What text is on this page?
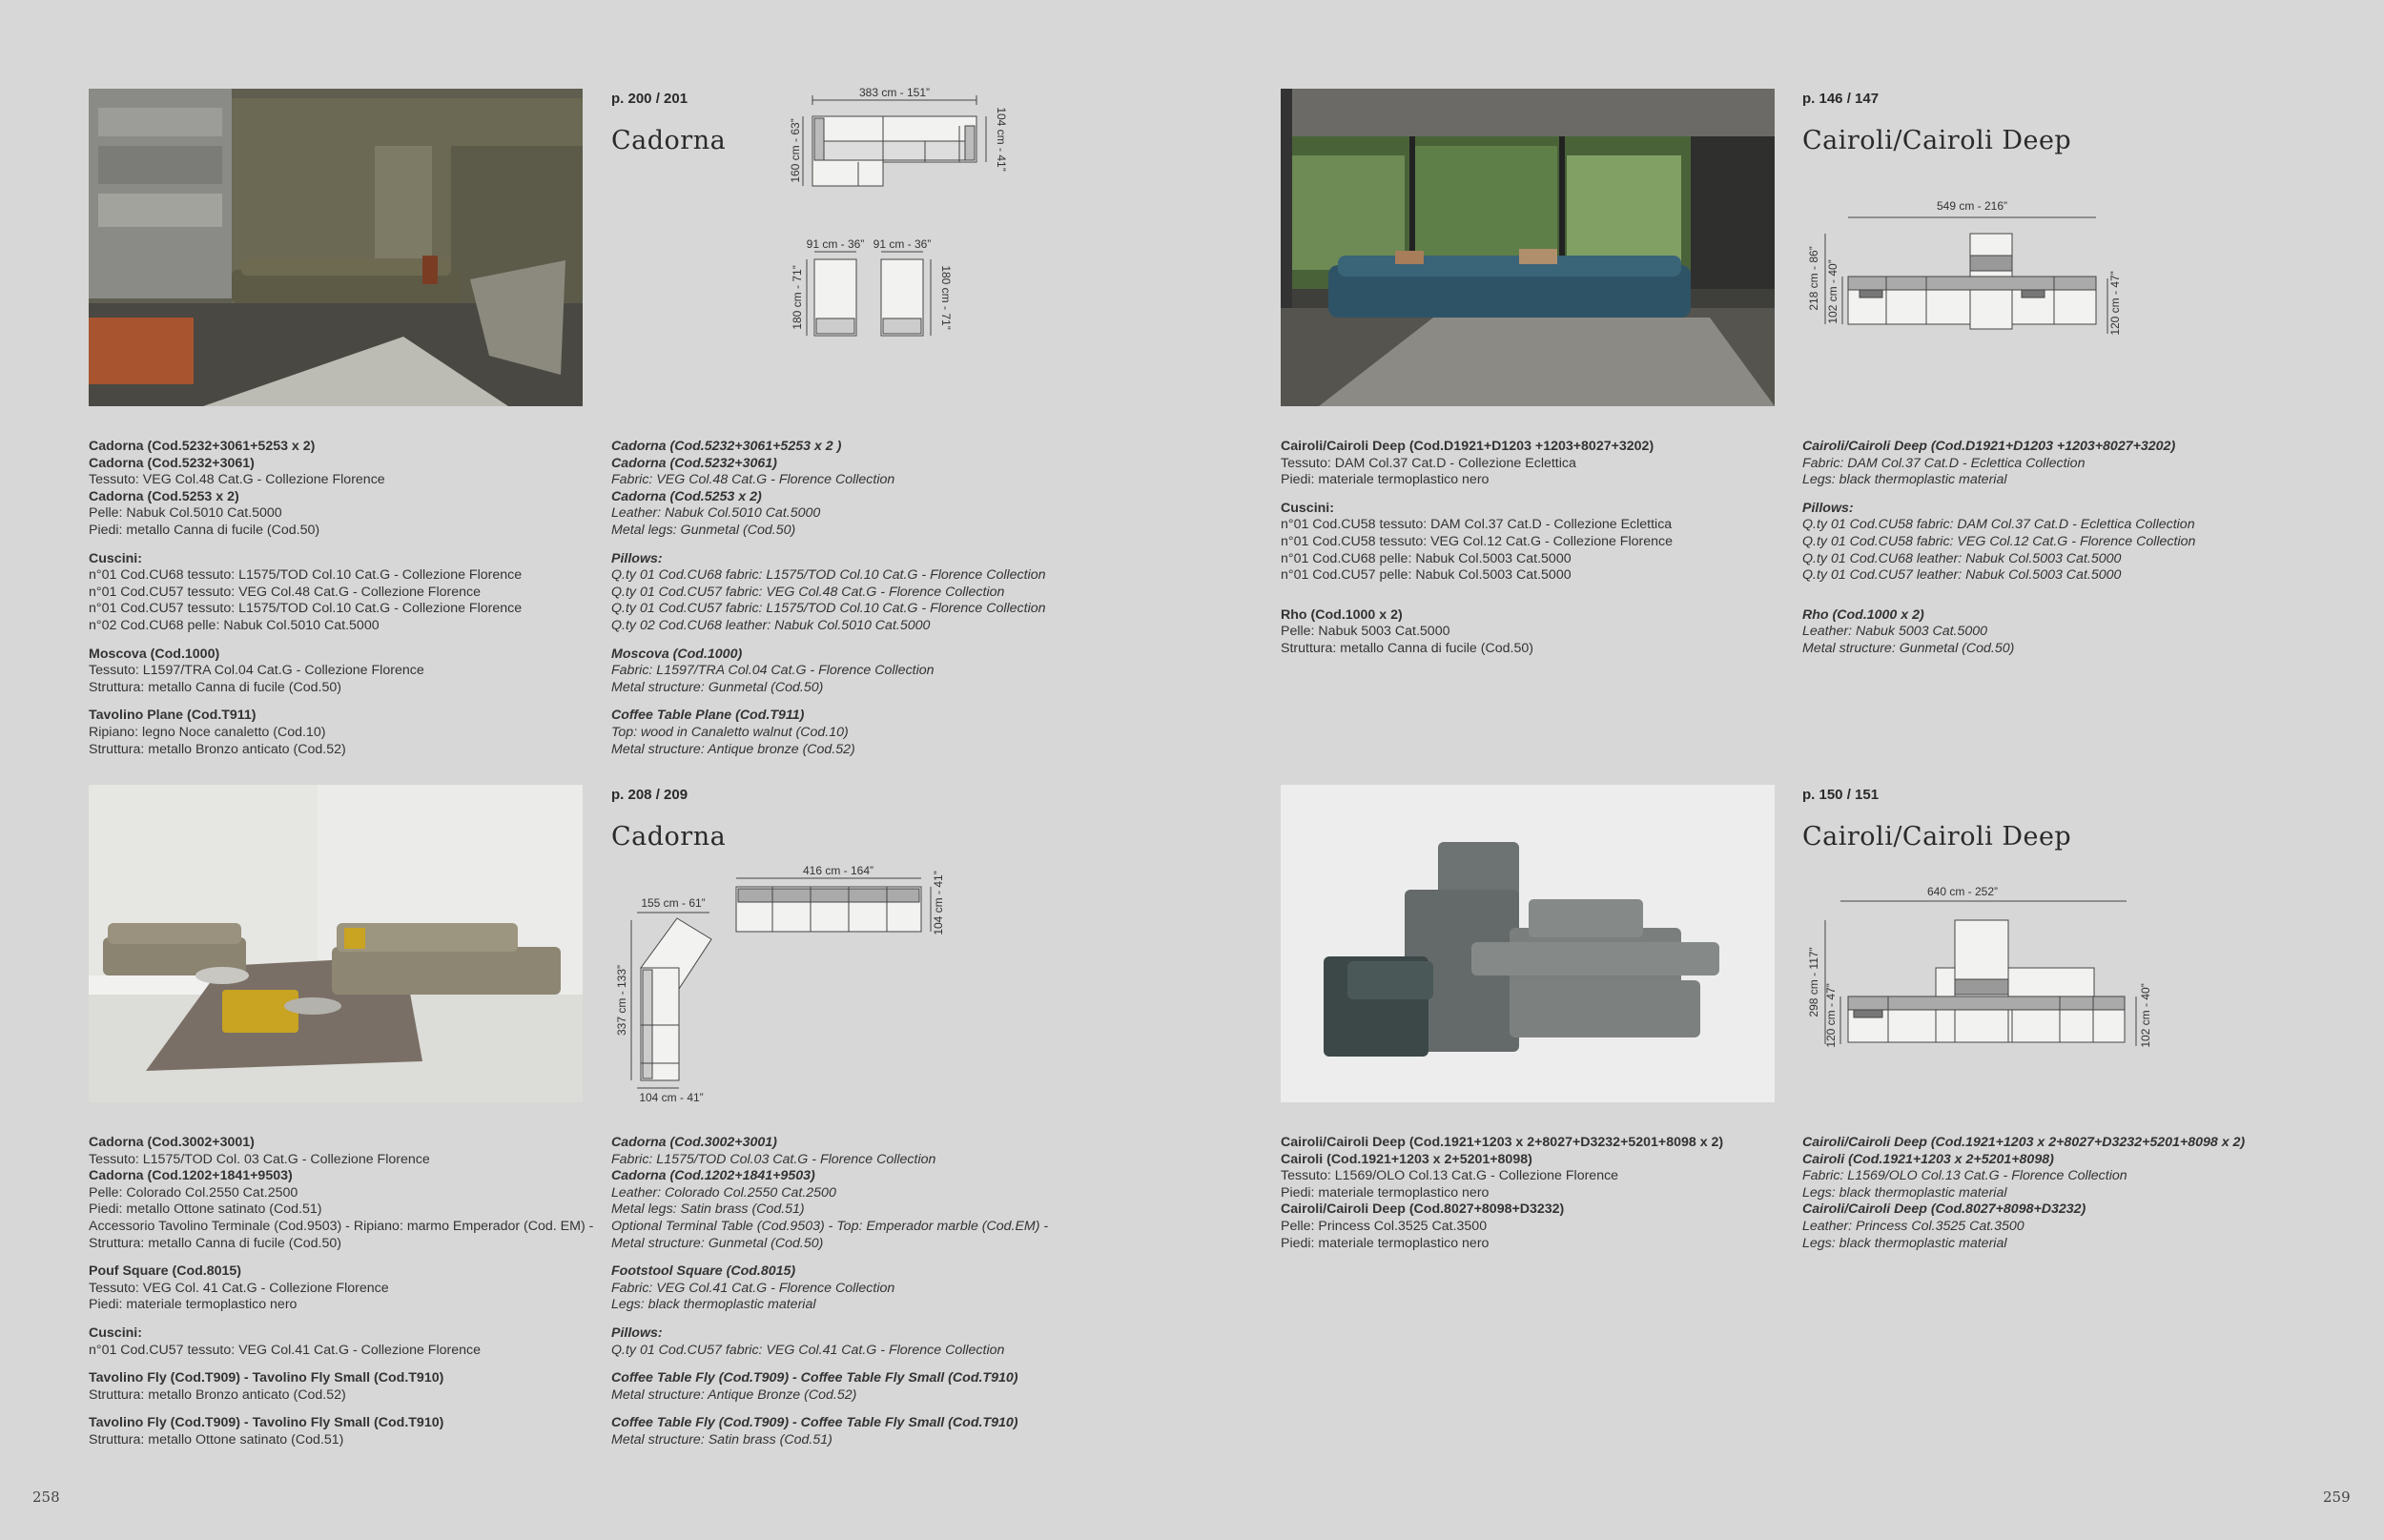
p. 200 / 201
Cadorna
383 cm - 151”
160 cm - 63”	104 cm - 41”
91 cm - 36” 91 cm - 36”
180 cm - 71”	180 cm - 71”
Cadorna (Cod.5232+3061+5253 x 2)
Cadorna (Cod.5232+3061)
Tessuto: VEG Col.48 Cat.G - Collezione Florence
Cadorna (Cod.5253 x 2)
Pelle: Nabuk Col.5010 Cat.5000
Piedi: metallo Canna di fucile (Cod.50)
Cuscini:
n°01 Cod.CU68 tessuto: L1575/TOD Col.10 Cat.G - Collezione Florence
n°01 Cod.CU57 tessuto: VEG Col.48 Cat.G - Collezione Florence
n°01 Cod.CU57 tessuto: L1575/TOD Col.10 Cat.G - Collezione Florence
n°02 Cod.CU68 pelle: Nabuk Col.5010 Cat.5000
Moscova (Cod.1000)
Tessuto: L1597/TRA Col.04 Cat.G - Collezione Florence
Struttura: metallo Canna di fucile (Cod.50)
Tavolino Plane (Cod.T911)
Ripiano: legno Noce canaletto (Cod.10)
Struttura: metallo Bronzo anticato (Cod.52)
Cadorna (Cod.5232+3061+5253 x 2 )
Cadorna (Cod.5232+3061)
Fabric: VEG Col.48 Cat.G - Florence Collection
Cadorna (Cod.5253 x 2)
Leather: Nabuk Col.5010 Cat.5000
Metal legs: Gunmetal (Cod.50)
Pillows:
Q.ty 01 Cod.CU68 fabric: L1575/TOD Col.10 Cat.G - Florence Collection
Q.ty 01 Cod.CU57 fabric: VEG Col.48 Cat.G - Florence Collection
Q.ty 01 Cod.CU57 fabric: L1575/TOD Col.10 Cat.G - Florence Collection
Q.ty 02 Cod.CU68 leather: Nabuk Col.5010 Cat.5000
Moscova (Cod.1000)
Fabric: L1597/TRA Col.04 Cat.G - Florence Collection
Metal structure: Gunmetal (Cod.50)
Coffee Table Plane (Cod.T911)
Top: wood in Canaletto walnut (Cod.10)
Metal structure: Antique bronze (Cod.52)
p. 146 / 147
Cairoli/Cairoli Deep
549 cm - 216”
218 cm - 86” 102 cm - 40”	120 cm - 47”
Cairoli/Cairoli Deep (Cod.D1921+D1203 +1203+8027+3202)
Tessuto: DAM Col.37 Cat.D - Collezione Eclettica
Piedi: materiale termoplastico nero
Cuscini:
n°01 Cod.CU58 tessuto: DAM Col.37 Cat.D - Collezione Eclettica
n°01 Cod.CU58 tessuto: VEG Col.12 Cat.G - Collezione Florence
n°01 Cod.CU68 pelle: Nabuk Col.5003 Cat.5000
n°01 Cod.CU57 pelle: Nabuk Col.5003 Cat.5000
Rho (Cod.1000 x 2)
Pelle: Nabuk 5003 Cat.5000
Struttura: metallo Canna di fucile (Cod.50)
Cairoli/Cairoli Deep (Cod.D1921+D1203 +1203+8027+3202)
Fabric: DAM Col.37 Cat.D - Eclettica Collection
Legs: black thermoplastic material
Pillows:
Q.ty 01 Cod.CU58 fabric: DAM Col.37 Cat.D - Eclettica Collection
Q.ty 01 Cod.CU58 fabric: VEG Col.12 Cat.G - Florence Collection
Q.ty 01 Cod.CU68 leather: Nabuk Col.5003 Cat.5000
Q.ty 01 Cod.CU57 leather: Nabuk Col.5003 Cat.5000
Rho (Cod.1000 x 2)
Leather: Nabuk 5003 Cat.5000
Metal structure: Gunmetal (Cod.50)
p. 208 / 209
Cadorna
416 cm - 164”
104 cm - 41”
155 cm - 61”
337 cm - 133”
104 cm - 41”
Cadorna (Cod.3002+3001)
Tessuto: L1575/TOD Col. 03 Cat.G - Collezione Florence
Cadorna (Cod.1202+1841+9503)
Pelle: Colorado Col.2550 Cat.2500
Piedi: metallo Ottone satinato (Cod.51)
Accessorio Tavolino Terminale (Cod.9503) - Ripiano: marmo Emperador (Cod. EM) - Struttura: metallo Canna di fucile (Cod.50)
Pouf Square (Cod.8015)
Tessuto: VEG Col. 41 Cat.G - Collezione Florence
Piedi: materiale termoplastico nero
Cuscini:
n°01 Cod.CU57 tessuto: VEG Col.41 Cat.G - Collezione Florence
Tavolino Fly (Cod.T909) - Tavolino Fly Small (Cod.T910)
Struttura: metallo Bronzo anticato (Cod.52)
Tavolino Fly (Cod.T909) - Tavolino Fly Small (Cod.T910)
Struttura: metallo Ottone satinato (Cod.51)
Cadorna (Cod.3002+3001)
Fabric: L1575/TOD Col.03 Cat.G - Florence Collection
Cadorna (Cod.1202+1841+9503)
Leather: Colorado Col.2550 Cat.2500
Metal legs: Satin brass (Cod.51)
Optional Terminal Table (Cod.9503) - Top: Emperador marble (Cod.EM) -
Metal structure: Gunmetal (Cod.50)
Footstool Square (Cod.8015)
Fabric: VEG Col.41 Cat.G - Florence Collection
Legs: black thermoplastic material
Pillows:
Q.ty 01 Cod.CU57 fabric: VEG Col.41 Cat.G - Florence Collection
Coffee Table Fly (Cod.T909) - Coffee Table Fly Small (Cod.T910)
Metal structure: Antique Bronze (Cod.52)
Coffee Table Fly (Cod.T909) - Coffee Table Fly Small (Cod.T910)
Metal structure: Satin brass (Cod.51)
p. 150 / 151
Cairoli/Cairoli Deep
640 cm - 252”
298 cm - 117” 120 cm - 47”	102 cm - 40”
Cairoli/Cairoli Deep (Cod.1921+1203 x 2+8027+D3232+5201+8098 x 2)
Cairoli (Cod.1921+1203 x 2+5201+8098)
Tessuto: L1569/OLO Col.13 Cat.G - Collezione Florence
Piedi: materiale termoplastico nero
Cairoli/Cairoli Deep (Cod.8027+8098+D3232)
Pelle: Princess Col.3525 Cat.3500
Piedi: materiale termoplastico nero
Cairoli/Cairoli Deep (Cod.1921+1203 x 2+8027+D3232+5201+8098 x 2)
Cairoli (Cod.1921+1203 x 2+5201+8098)
Fabric: L1569/OLO Col.13 Cat.G - Florence Collection
Legs: black thermoplastic material
Cairoli/Cairoli Deep (Cod.8027+8098+D3232)
Leather: Princess Col.3525 Cat.3500
Legs: black thermoplastic material
258	259
